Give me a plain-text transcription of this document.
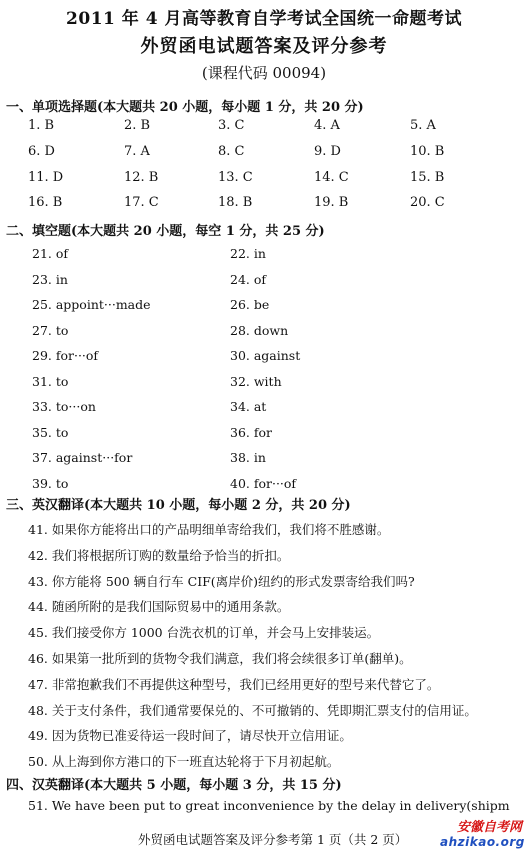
2011 年 4 月高等教育自学考试全国统一命题考试
外贸函电试题答案及评分参考
(课程代码 00094)
一、单项选择题(本大题共 20 小题，每小题 1 分，共 20 分)
1. B	2. B	3. C	4. A	5. A
6. D	7. A	8. C	9. D	10. B
11. D	12. B	13. C	14. C	15. B
16. B	17. C	18. B	19. B	20. C
二、填空题(本大题共 20 小题，每空 1 分，共 25 分)
21. of	22. in
23. in	24. of
25. appoint···made	26. be
27. to	28. down
29. for···of	30. against
31. to	32. with
33. to···on	34. at
35. to	36. for
37. against···for	38. in
39. to	40. for···of
三、英汉翻译(本大题共 10 小题，每小题 2 分，共 20 分)
41. 如果你方能将出口的产品明细单寄给我们，我们将不胜感谢。
42. 我们将根据所订购的数量给予恰当的折扣。
43. 你方能将 500 辆自行车 CIF(离岸价)纽约的形式发票寄给我们吗?
44. 随函所附的是我们国际贸易中的通用条款。
45. 我们接受你方 1000 台洗衣机的订单，并会马上安排装运。
46. 如果第一批所到的货物令我们满意，我们将会续很多订单(翻单)。
47. 非常抱歉我们不再提供这种型号，我们已经用更好的型号来代替它了。
48. 关于支付条件，我们通常要保兑的、不可撤销的、凭即期汇票支付的信用证。
49. 因为货物已准妥待运一段时间了，请尽快开立信用证。
50. 从上海到你方港口的下一班直达轮将于下月初起航。
四、汉英翻译(本大题共 5 小题，每小题 3 分，共 15 分)
51. We have been put to great inconvenience by the delay in delivery(shipm
外贸函电试题答案及评分参考第 1 页（共 2 页）
安徽自考网
ahzikao.org
